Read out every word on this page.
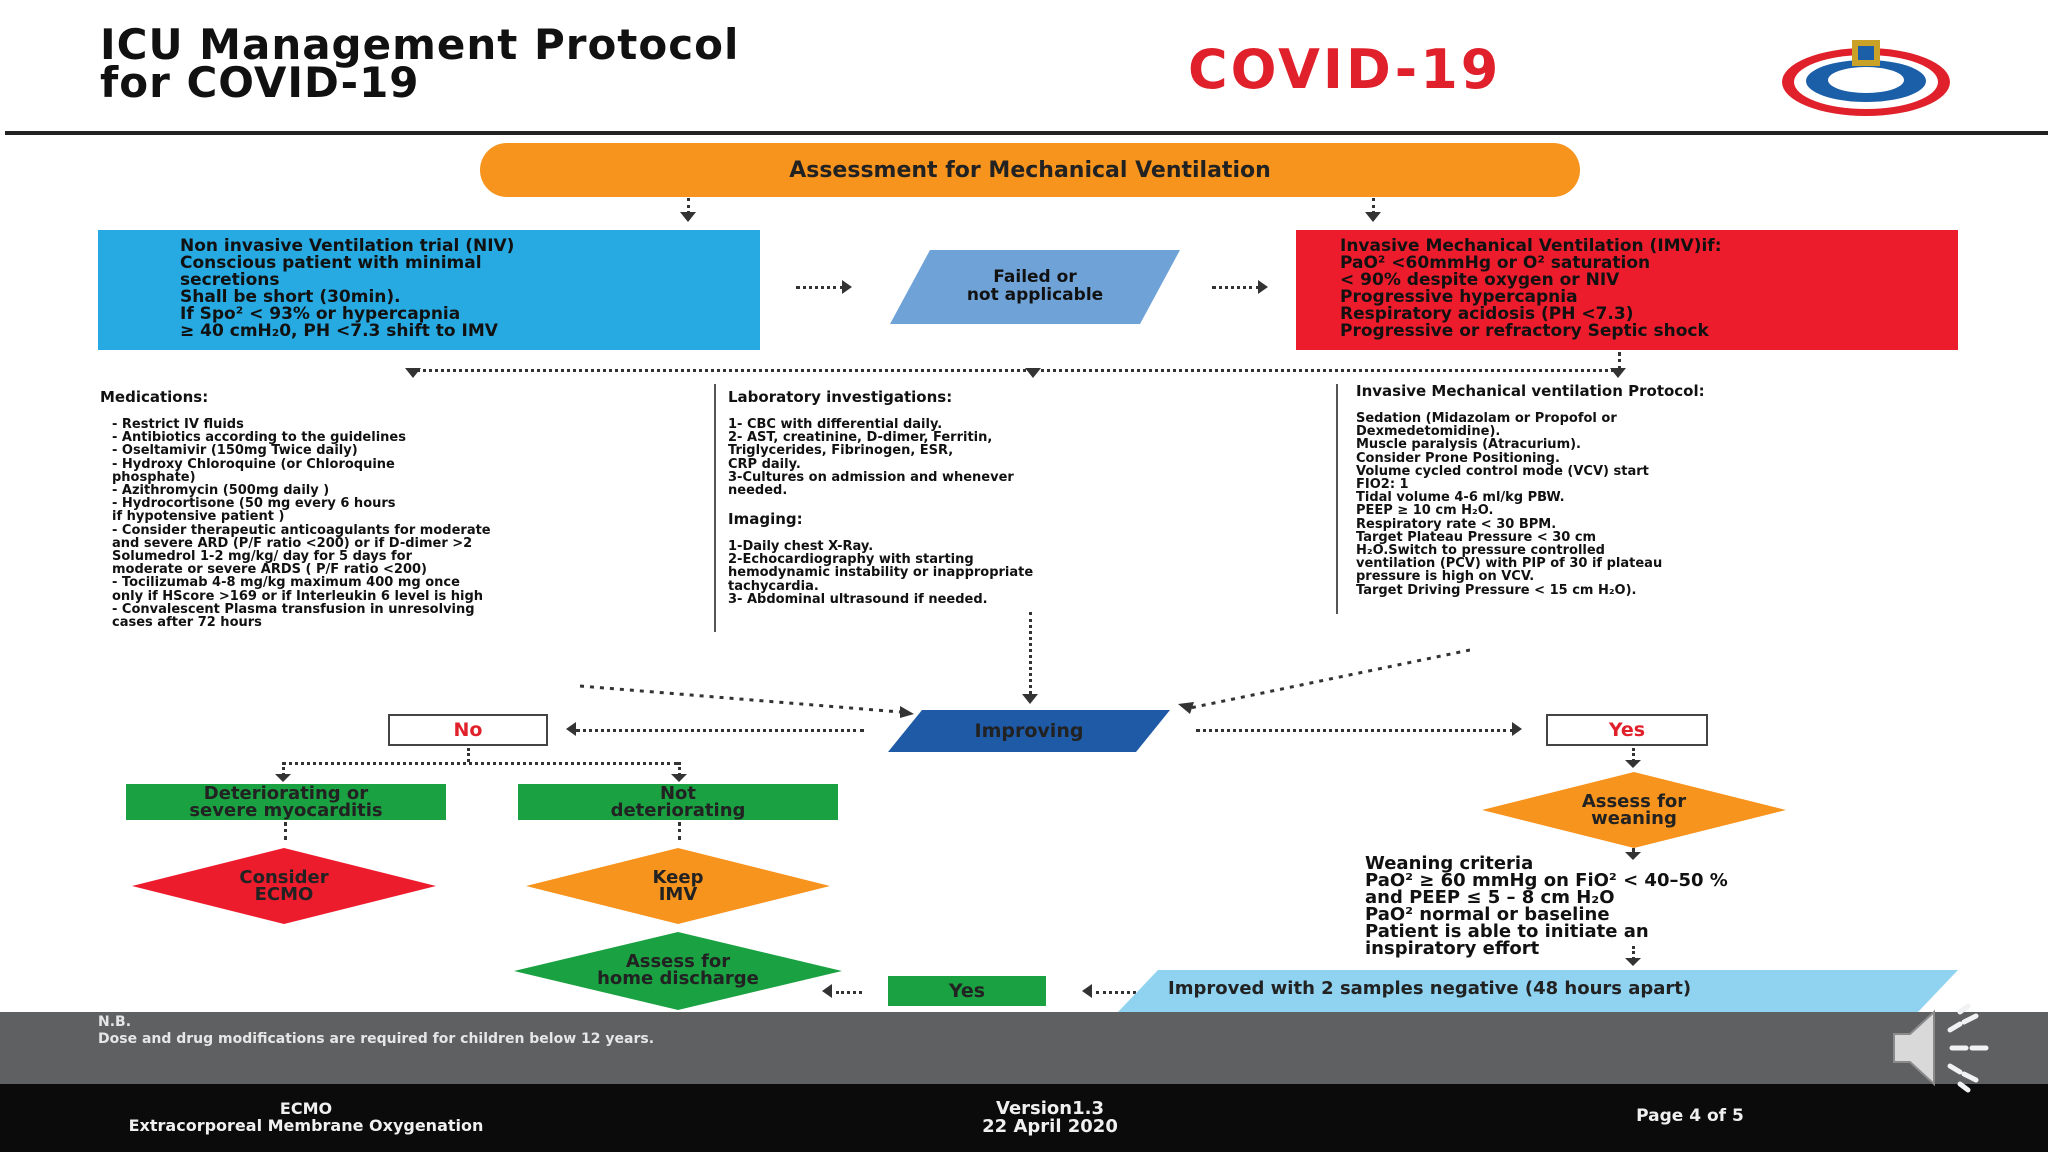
ICU Management Protocol
for COVID-19	COVID-19
Assessment for Mechanical Ventilation
Non invasive Ventilation trial (NIV)
Conscious patient with minimal
secretions
Shall be short (30min).
If Spo² < 93% or hypercapnia
≥ 40 cmH₂0, PH <7.3 shift to IMV
Failed or
not applicable
Invasive Mechanical Ventilation (IMV)if:
PaO² <60mmHg or O² saturation
< 90% despite oxygen or NIV
Progressive hypercapnia
Respiratory acidosis (PH <7.3)
Progressive or refractory Septic shock
Medications:
- Restrict IV fluids
- Antibiotics according to the guidelines
- Oseltamivir (150mg Twice daily)
- Hydroxy Chloroquine (or Chloroquine
phosphate)
- Azithromycin (500mg daily )
- Hydrocortisone (50 mg every 6 hours
if hypotensive patient )
- Consider therapeutic anticoagulants for moderate
and severe ARD (P/F ratio <200) or if D-dimer >2
Solumedrol 1-2 mg/kg/ day for 5 days for
moderate or severe ARDS ( P/F ratio <200)
- Tocilizumab 4-8 mg/kg maximum 400 mg once
only if HScore >169 or if Interleukin 6 level is high
- Convalescent Plasma transfusion in unresolving
cases after 72 hours
Laboratory investigations:
1- CBC with differential daily.
2- AST, creatinine, D-dimer, Ferritin,
Triglycerides, Fibrinogen, ESR,
CRP daily.
3-Cultures on admission and whenever
needed.
Imaging:
1-Daily chest X-Ray.
2-Echocardiography with starting
hemodynamic instability or inappropriate
tachycardia.
3- Abdominal ultrasound if needed.
Invasive Mechanical ventilation Protocol:
Sedation (Midazolam or Propofol or
Dexmedetomidine).
Muscle paralysis (Atracurium).
Consider Prone Positioning.
Volume cycled control mode (VCV) start
FIO2: 1
Tidal volume 4-6 ml/kg PBW.
PEEP ≥ 10 cm H₂O.
Respiratory rate < 30 BPM.
Target Plateau Pressure < 30 cm
H₂O.Switch to pressure controlled
ventilation (PCV) with PIP of 30 if plateau
pressure is high on VCV.
Target Driving Pressure < 15 cm H₂O).
Improving
No	Yes
Deteriorating or
severe myocarditis
Not
deteriorating
Consider
ECMO
Keep
IMV
Assess for
home discharge
Yes	Improved with 2 samples negative (48 hours apart)
Assess for
weaning
Weaning criteria
PaO² ≥ 60 mmHg on FiO² < 40–50 %
and PEEP ≤ 5 – 8 cm H₂O
PaO² normal or baseline
Patient is able to initiate an
inspiratory effort
N.B.
Dose and drug modifications are required for children below 12 years.
ECMO
Extracorporeal Membrane Oxygenation
Version1.3
22 April 2020	Page 4 of 5
